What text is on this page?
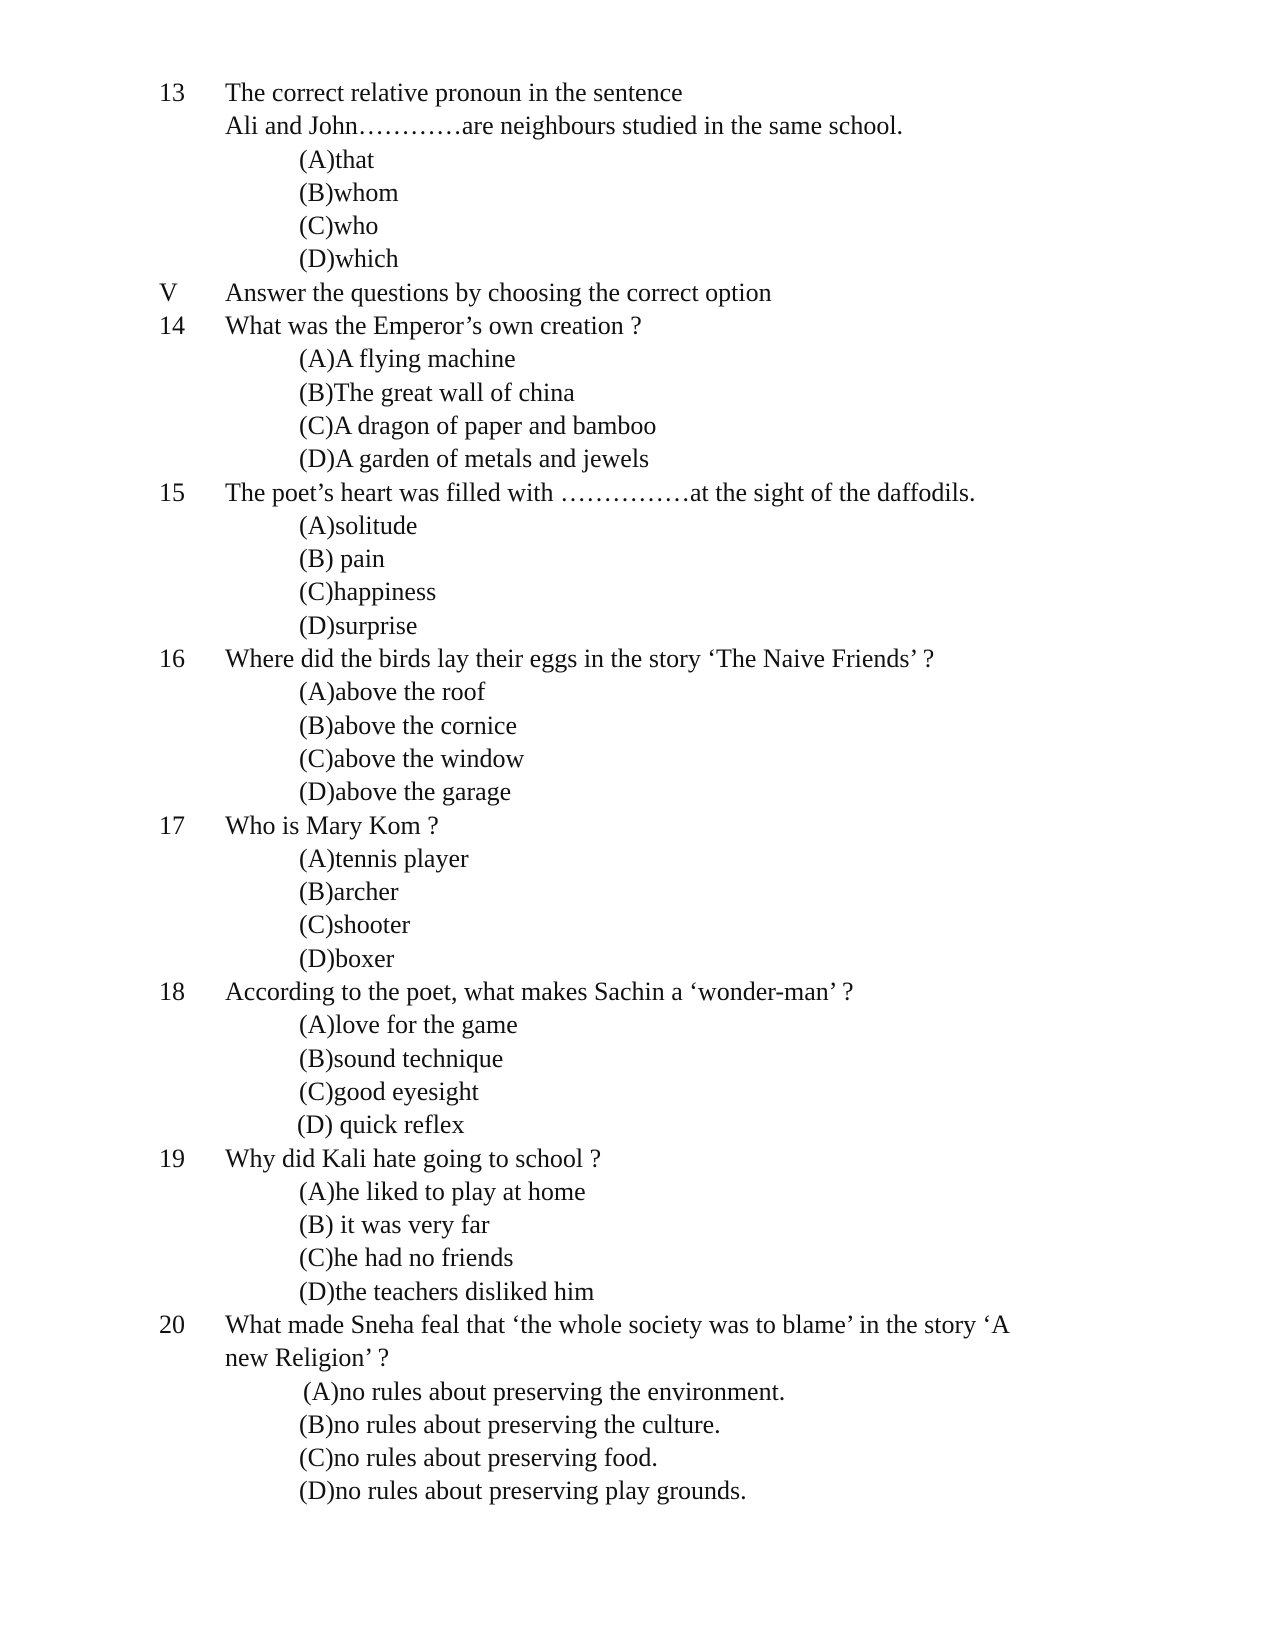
13	The correct relative pronoun in the sentence
Ali and John…………are neighbours studied in the same school.
(A)that
(B)whom
(C)who
(D)which
V	Answer the questions by choosing the correct option
14	What was the Emperor’s own creation ?
(A)A flying machine
(B)The great wall of china
(C)A dragon of paper and bamboo
(D)A garden of metals and jewels
15	The poet’s heart was filled with ……………at the sight of the daffodils.
(A)solitude
(B) pain
(C)happiness
(D)surprise
16	Where did the birds lay their eggs in the story ‘The Naive Friends’ ?
(A)above the roof
(B)above the cornice
(C)above the window
(D)above the garage
17	Who is Mary Kom ?
(A)tennis player
(B)archer
(C)shooter
(D)boxer
18	According to the poet, what makes Sachin a ‘wonder-man’ ?
(A)love for the game
(B)sound technique
(C)good eyesight
(D) quick reflex
19	Why did Kali hate going to school ?
(A)he liked to play at home
(B) it was very far
(C)he had no friends
(D)the teachers disliked him
20	What made Sneha feal that ‘the whole society was to blame’ in the story ‘A
new Religion’ ?
(A)no rules about preserving the environment.
(B)no rules about preserving the culture.
(C)no rules about preserving food.
(D)no rules about preserving play grounds.
